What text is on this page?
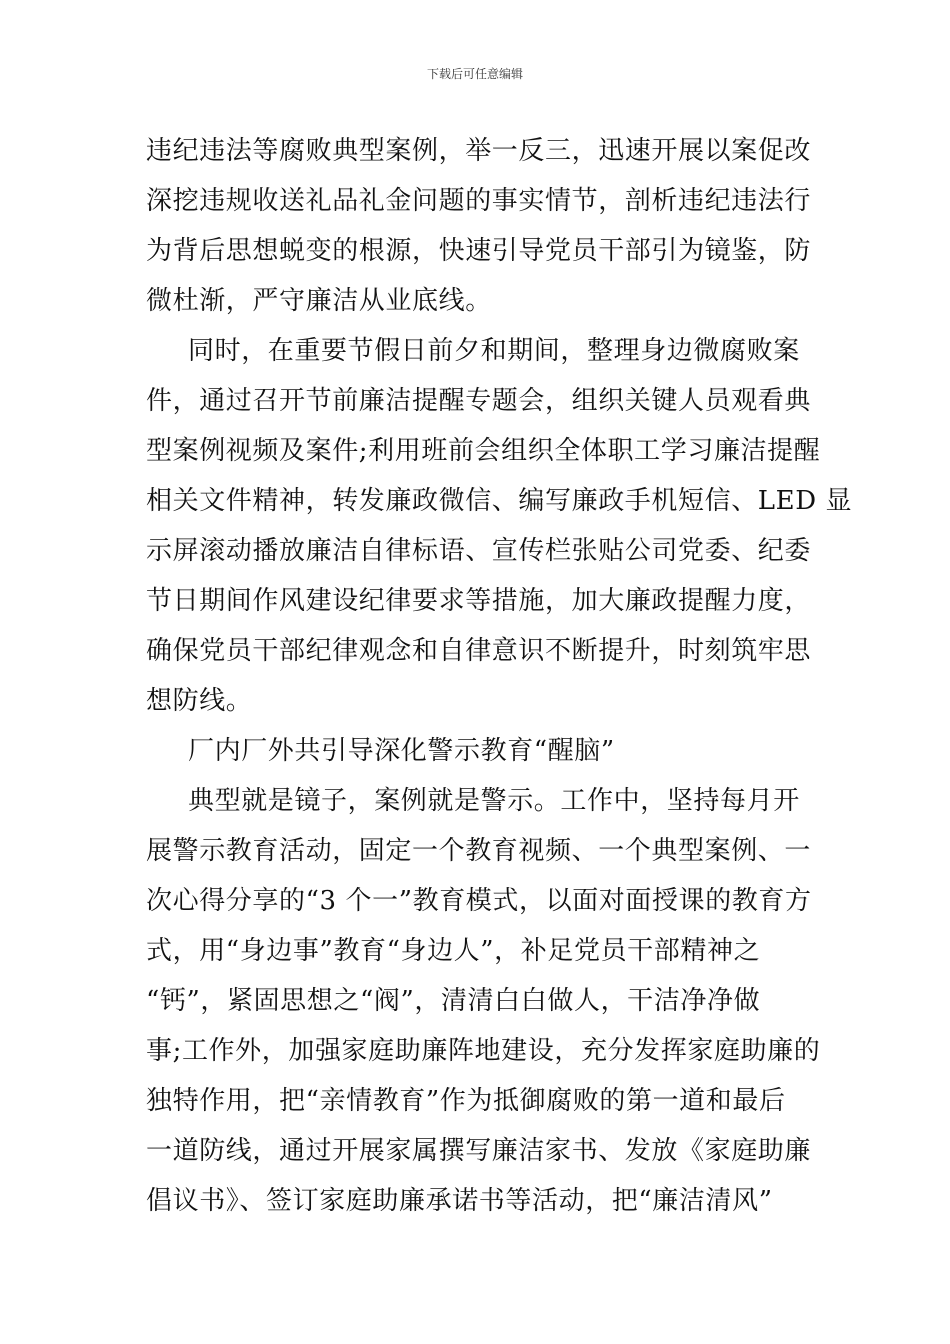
下载后可任意编辑
违纪违法等腐败典型案例，举一反三，迅速开展以案促改
深挖违规收送礼品礼金问题的事实情节，剖析违纪违法行
为背后思想蜕变的根源，快速引导党员干部引为镜鉴，防
微杜渐，严守廉洁从业底线。
同时，在重要节假日前夕和期间，整理身边微腐败案
件，通过召开节前廉洁提醒专题会，组织关键人员观看典
型案例视频及案件;利用班前会组织全体职工学习廉洁提醒
相关文件精神，转发廉政微信、编写廉政手机短信、LED 显
示屏滚动播放廉洁自律标语、宣传栏张贴公司党委、纪委
节日期间作风建设纪律要求等措施，加大廉政提醒力度，
确保党员干部纪律观念和自律意识不断提升，时刻筑牢思
想防线。
厂内厂外共引导深化警示教育“醒脑”
典型就是镜子，案例就是警示。工作中，坚持每月开
展警示教育活动，固定一个教育视频、一个典型案例、一
次心得分享的“3 个一”教育模式，以面对面授课的教育方
式，用“身边事”教育“身边人”，补足党员干部精神之
“钙”，紧固思想之“阀”，清清白白做人，干洁净净做
事;工作外，加强家庭助廉阵地建设，充分发挥家庭助廉的
独特作用，把“亲情教育”作为抵御腐败的第一道和最后
一道防线，通过开展家属撰写廉洁家书、发放《家庭助廉
倡议书》、签订家庭助廉承诺书等活动，把“廉洁清风”
